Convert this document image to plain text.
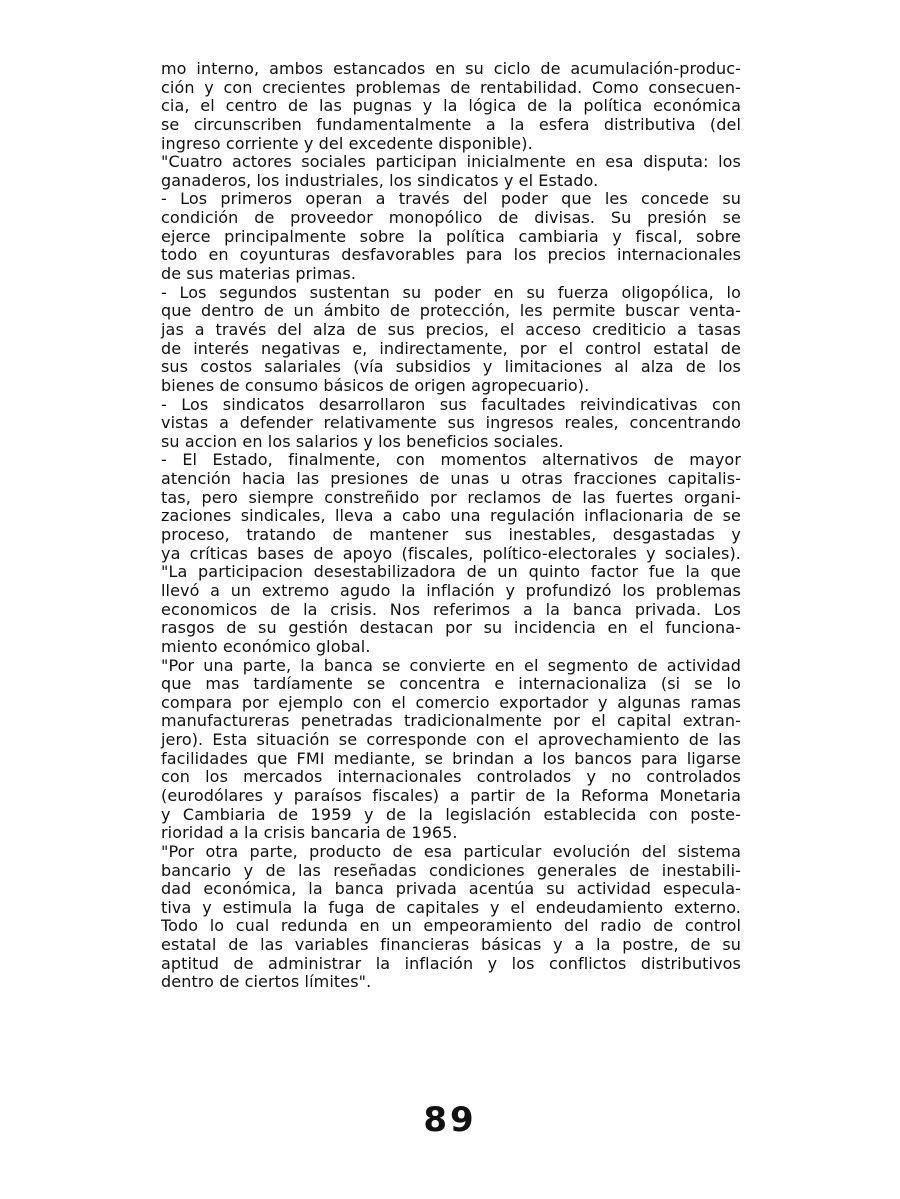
mo interno, ambos estancados en su ciclo de acumulación-produc-
ción y con crecientes problemas de rentabilidad. Como consecuen-
cia, el centro de las pugnas y la lógica de la política económica
se circunscriben fundamentalmente a la esfera distributiva (del
ingreso corriente y del excedente disponible).
"Cuatro actores sociales participan inicialmente en esa disputa: los
ganaderos, los industriales, los sindicatos y el Estado.
- Los primeros operan a través del poder que les concede su
condición de proveedor monopólico de divisas. Su presión se
ejerce principalmente sobre la política cambiaria y fiscal, sobre
todo en coyunturas desfavorables para los precios internacionales
de sus materias primas.
- Los segundos sustentan su poder en su fuerza oligopólica, lo
que dentro de un ámbito de protección, les permite buscar venta-
jas a través del alza de sus precios, el acceso crediticio a tasas
de interés negativas e, indirectamente, por el control estatal de
sus costos salariales (vía subsidios y limitaciones al alza de los
bienes de consumo básicos de origen agropecuario).
- Los sindicatos desarrollaron sus facultades reivindicativas con
vistas a defender relativamente sus ingresos reales, concentrando
su accion en los salarios y los beneficios sociales.
- El Estado, finalmente, con momentos alternativos de mayor
atención hacia las presiones de unas u otras fracciones capitalis-
tas, pero siempre constreñido por reclamos de las fuertes organi-
zaciones sindicales, lleva a cabo una regulación inflacionaria de se
proceso, tratando de mantener sus inestables, desgastadas y
ya críticas bases de apoyo (fiscales, político-electorales y sociales).
"La participacion desestabilizadora de un quinto factor fue la que
llevó a un extremo agudo la inflación y profundizó los problemas
economicos de la crisis. Nos referimos a la banca privada. Los
rasgos de su gestión destacan por su incidencia en el funciona-
miento económico global.
"Por una parte, la banca se convierte en el segmento de actividad
que mas tardíamente se concentra e internacionaliza (si se lo
compara por ejemplo con el comercio exportador y algunas ramas
manufactureras penetradas tradicionalmente por el capital extran-
jero). Esta situación se corresponde con el aprovechamiento de las
facilidades que FMI mediante, se brindan a los bancos para ligarse
con los mercados internacionales controlados y no controlados
(eurodólares y paraísos fiscales) a partir de la Reforma Monetaria
y Cambiaria de 1959 y de la legislación establecida con poste-
rioridad a la crisis bancaria de 1965.
"Por otra parte, producto de esa particular evolución del sistema
bancario y de las reseñadas condiciones generales de inestabili-
dad económica, la banca privada acentúa su actividad especula-
tiva y estimula la fuga de capitales y el endeudamiento externo.
Todo lo cual redunda en un empeoramiento del radio de control
estatal de las variables financieras básicas y a la postre, de su
aptitud de administrar la inflación y los conflictos distributivos
dentro de ciertos límites".
89
